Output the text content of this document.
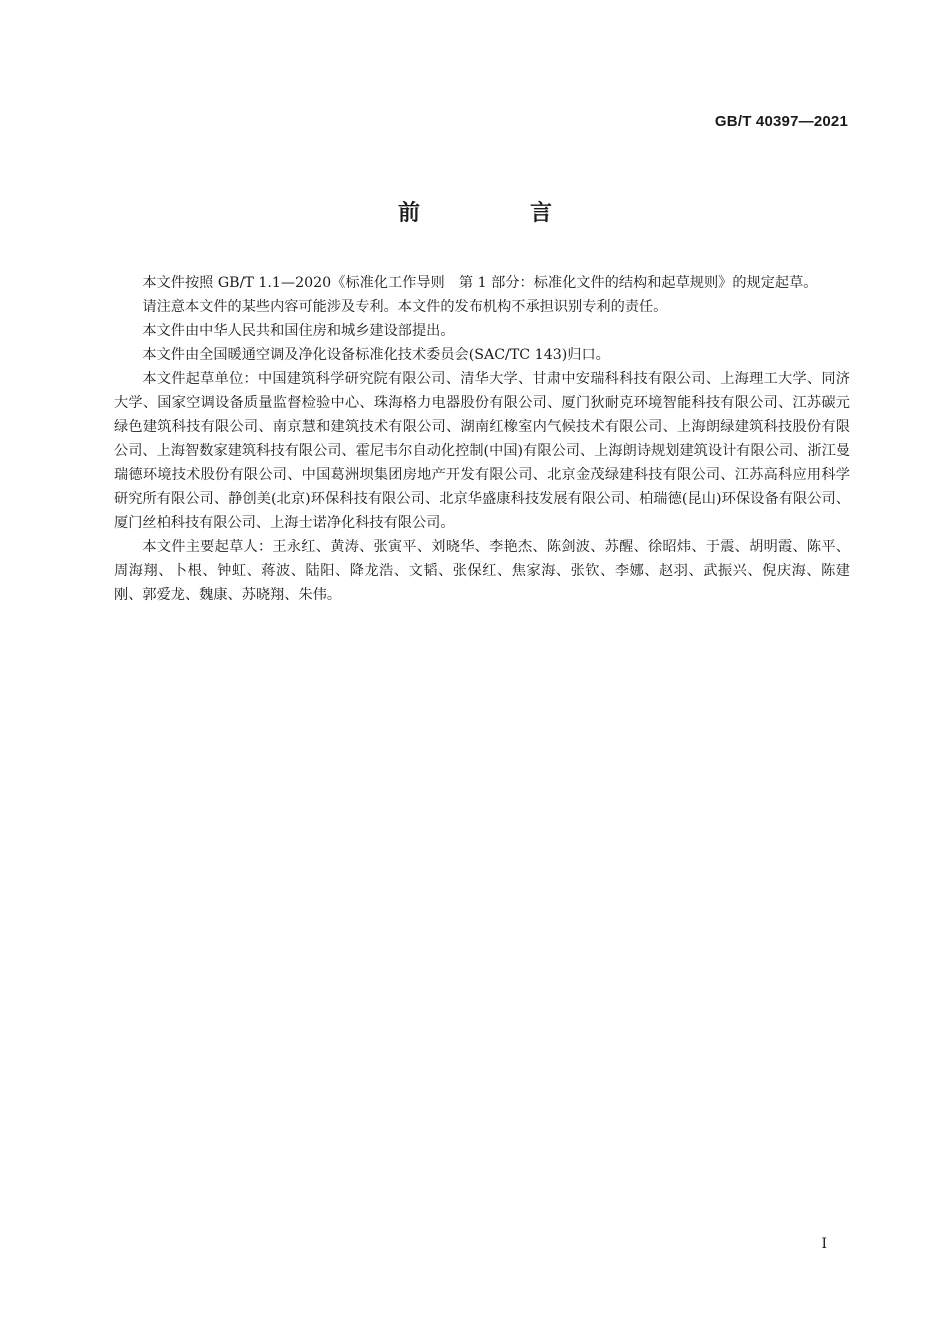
GB/T 40397—2021
前　言

本文件按照 GB/T 1.1—2020《标准化工作导则　第 1 部分：标准化文件的结构和起草规则》的规定起草。

请注意本文件的某些内容可能涉及专利。本文件的发布机构不承担识别专利的责任。

本文件由中华人民共和国住房和城乡建设部提出。

本文件由全国暖通空调及净化设备标准化技术委员会(SAC/TC 143)归口。

本文件起草单位：中国建筑科学研究院有限公司、清华大学、甘肃中安瑞科科技有限公司、上海理工大学、同济大学、国家空调设备质量监督检验中心、珠海格力电器股份有限公司、厦门狄耐克环境智能科技有限公司、江苏碳元绿色建筑科技有限公司、南京慧和建筑技术有限公司、湖南红橡室内气候技术有限公司、上海朗绿建筑科技股份有限公司、上海智数家建筑科技有限公司、霍尼韦尔自动化控制(中国)有限公司、上海朗诗规划建筑设计有限公司、浙江曼瑞德环境技术股份有限公司、中国葛洲坝集团房地产开发有限公司、北京金茂绿建科技有限公司、江苏高科应用科学研究所有限公司、静创美(北京)环保科技有限公司、北京华盛康科技发展有限公司、柏瑞德(昆山)环保设备有限公司、厦门丝柏科技有限公司、上海士诺净化科技有限公司。

本文件主要起草人：王永红、黄涛、张寅平、刘晓华、李艳杰、陈剑波、苏醒、徐昭炜、于震、胡明霞、陈平、周海翔、卜根、钟虹、蒋波、陆阳、降龙浩、文韬、张保红、焦家海、张钦、李娜、赵羽、武振兴、倪庆海、陈建刚、郭爱龙、魏康、苏晓翔、朱伟。

I
